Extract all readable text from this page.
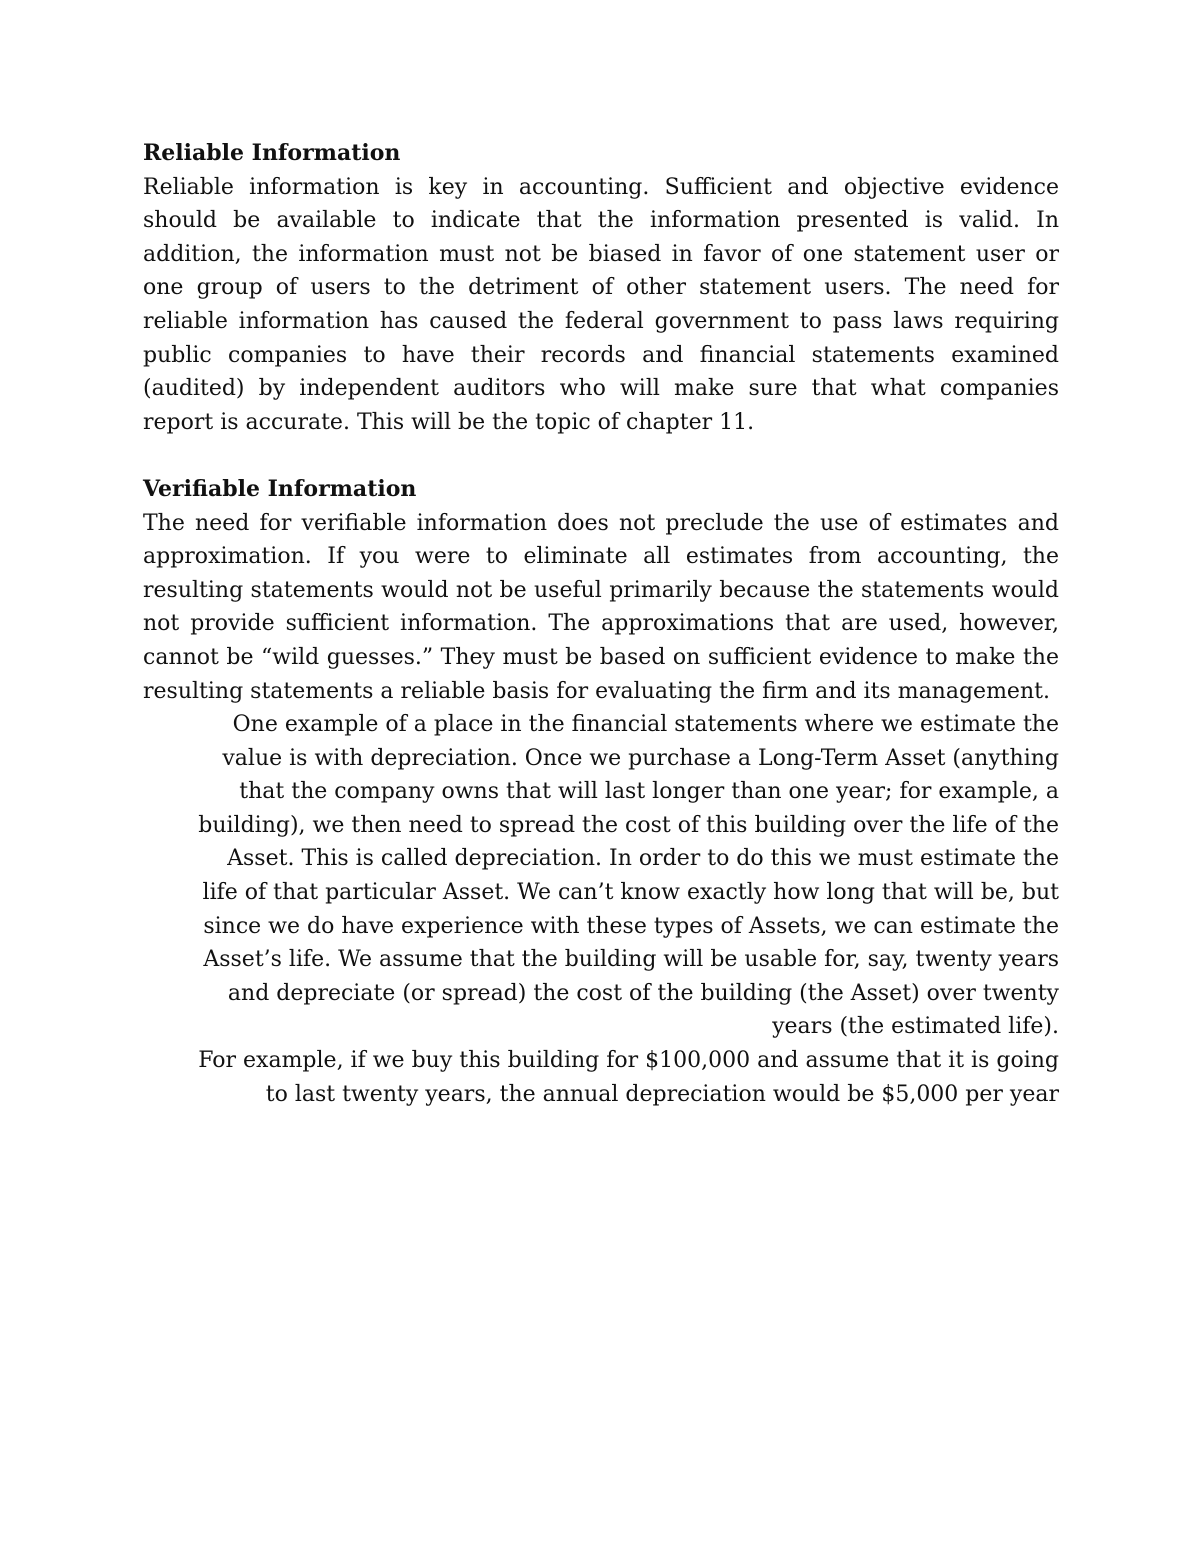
Reliable Information

Reliable information is key in accounting. Sufficient and objective evidence should be available to indicate that the information presented is valid. In addition, the information must not be biased in favor of one statement user or one group of users to the detriment of other statement users. The need for reliable information has caused the federal government to pass laws requiring public companies to have their records and financial statements examined (audited) by independent auditors who will make sure that what companies report is accurate. This will be the topic of chapter 11.

Verifiable Information

The need for verifiable information does not preclude the use of estimates and approximation. If you were to eliminate all estimates from accounting, the resulting statements would not be useful primarily because the statements would not provide sufficient information. The approximations that are used, however, cannot be “wild guesses.” They must be based on sufficient evidence to make the resulting statements a reliable basis for evaluating the firm and its management.

One example of a place in the financial statements where we estimate the value is with depreciation. Once we purchase a Long-Term Asset (anything that the company owns that will last longer than one year; for example, a building), we then need to spread the cost of this building over the life of the Asset. This is called depreciation. In order to do this we must estimate the life of that particular Asset. We can’t know exactly how long that will be, but since we do have experience with these types of Assets, we can estimate the Asset’s life. We assume that the building will be usable for, say, twenty years and depreciate (or spread) the cost of the building (the Asset) over twenty years (the estimated life).

For example, if we buy this building for $100,000 and assume that it is going to last twenty years, the annual depreciation would be $5,000 per year
